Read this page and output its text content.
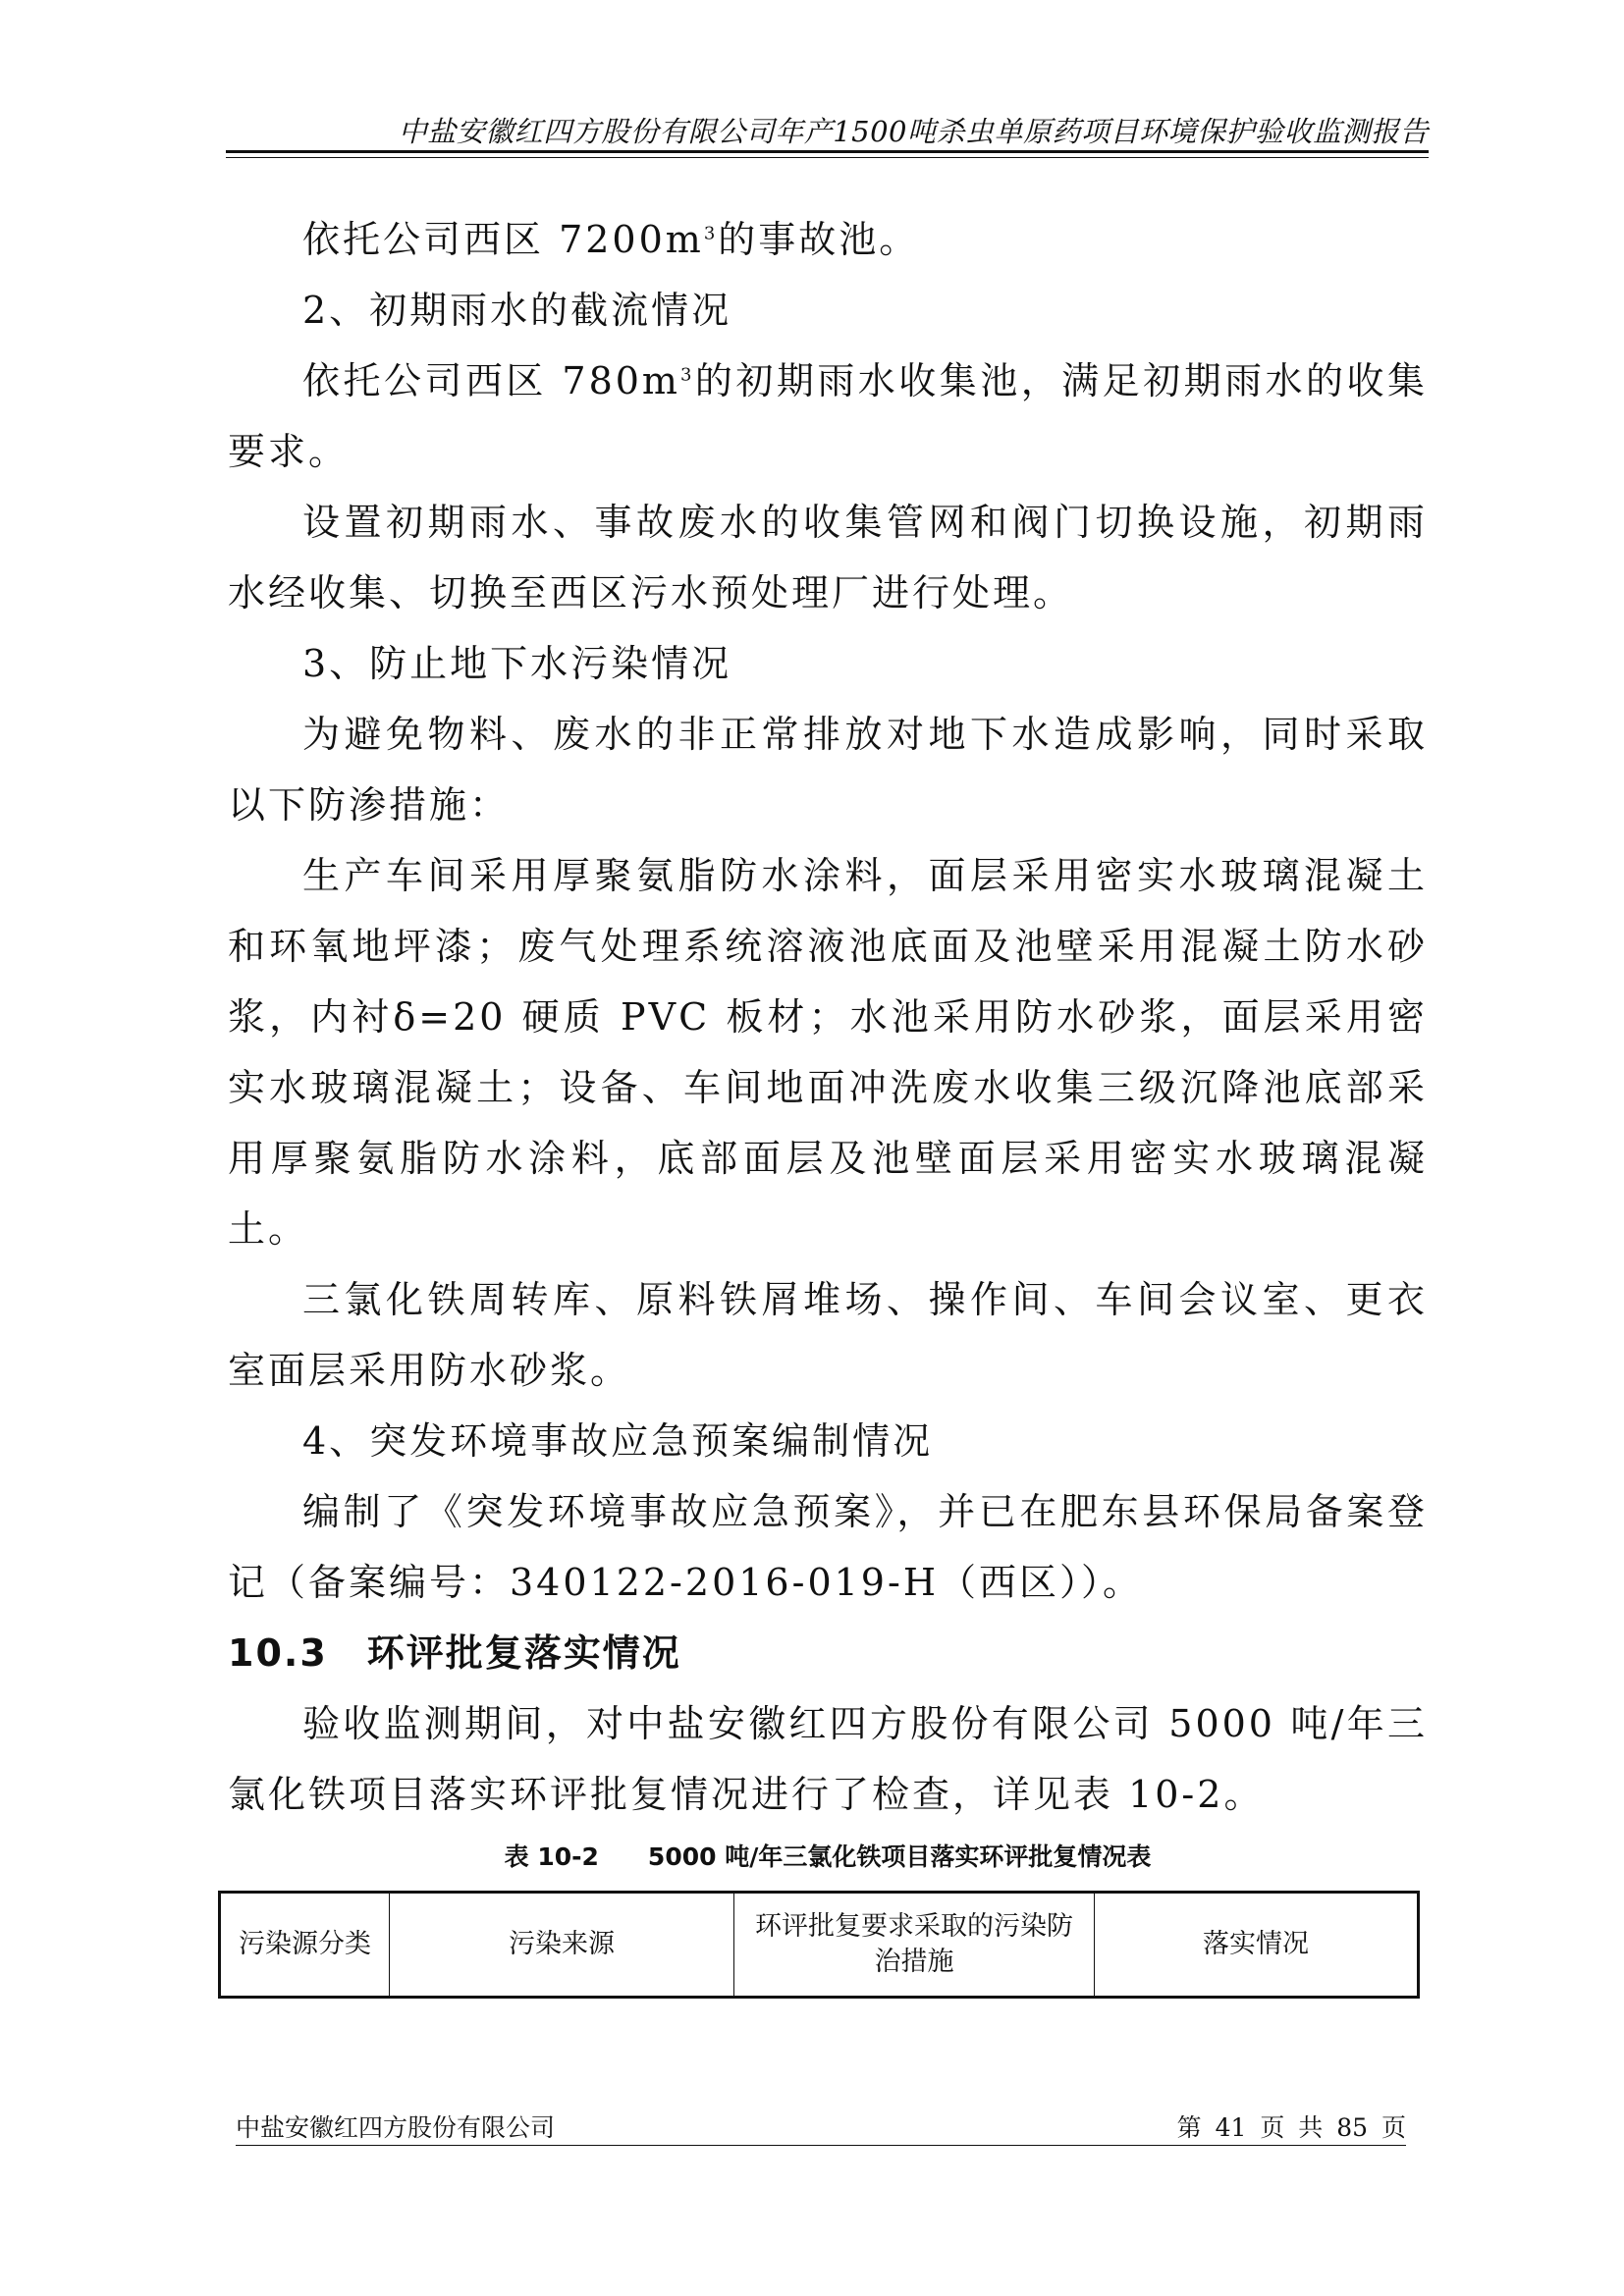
中盐安徽红四方股份有限公司年产1500吨杀虫单原药项目环境保护验收监测报告

依托公司西区 $7200m^3$的事故池。

2、初期雨水的截流情况

依托公司西区 $780m^3$的初期雨水收集池，满足初期雨水的收集要求。

设置初期雨水、事故废水的收集管网和阀门切换设施，初期雨水经收集、切换至西区污水预处理厂进行处理。

3、防止地下水污染情况

为避免物料、废水的非正常排放对地下水造成影响，同时采取以下防渗措施：

生产车间采用厚聚氨脂防水涂料，面层采用密实水玻璃混凝土和环氧地坪漆；废气处理系统溶液池底面及池壁采用混凝土防水砂浆，内衬δ=20 硬质 PVC 板材；水池采用防水砂浆，面层采用密实水玻璃混凝土；设备、车间地面冲洗废水收集三级沉降池底部采用厚聚氨脂防水涂料，底部面层及池壁面层采用密实水玻璃混凝土。

三氯化铁周转库、原料铁屑堆场、操作间、车间会议室、更衣室面层采用防水砂浆。

4、突发环境事故应急预案编制情况

编制了《突发环境事故应急预案》，并已在肥东县环保局备案登记（备案编号：340122-2016-019-H（西区））。

10.3 环评批复落实情况

验收监测期间，对中盐安徽红四方股份有限公司 5000 吨/年三氯化铁项目落实环评批复情况进行了检查，详见表 10-2。

表 10-2 5000 吨/年三氯化铁项目落实环评批复情况表
污染源分类	污染来源	环评批复要求采取的污染防治措施	落实情况
中盐安徽红四方股份有限公司	第 41 页 共 85 页
